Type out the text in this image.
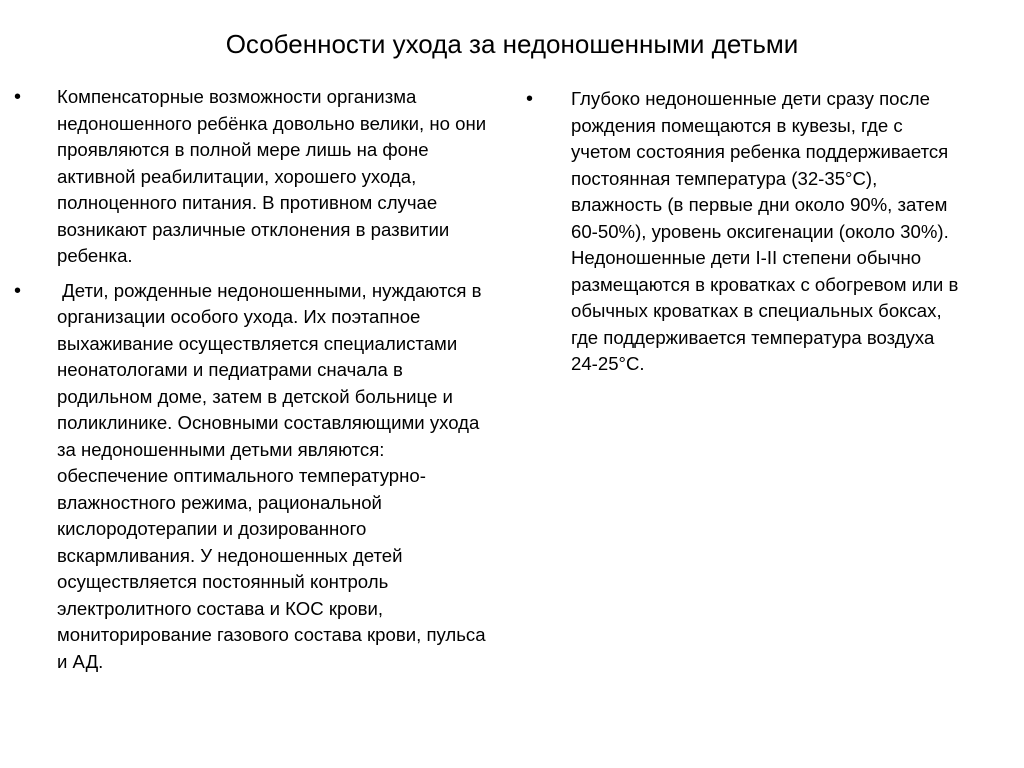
Особенности ухода за недоношенными детьми
•	Компенсаторные возможности организма недоношенного ребёнка довольно велики, но они проявляются в полной мере лишь на фоне активной реабилитации, хорошего ухода, полноценного питания. В противном случае возникают различные отклонения в развитии ребенка.
•	Дети, рожденные недоношенными, нуждаются в организации особого ухода. Их поэтапное выхаживание осуществляется специалистами неонатологами и педиатрами сначала в родильном доме, затем в детской больнице и поликлинике. Основными составляющими ухода за недоношенными детьми являются: обеспечение оптимального температурно-влажностного режима, рациональной кислородотерапии и дозированного вскармливания. У недоношенных детей осуществляется постоянный контроль электролитного состава и КОС крови, мониторирование газового состава крови, пульса и АД.
•	Глубоко недоношенные дети сразу после рождения помещаются в кувезы, где с учетом состояния ребенка поддерживается постоянная температура (32-35°С), влажность (в первые дни около 90%, затем 60-50%), уровень оксигенации (около 30%). Недоношенные дети I-II степени обычно размещаются в кроватках с обогревом или в обычных кроватках в специальных боксах, где поддерживается температура воздуха 24-25°С.
